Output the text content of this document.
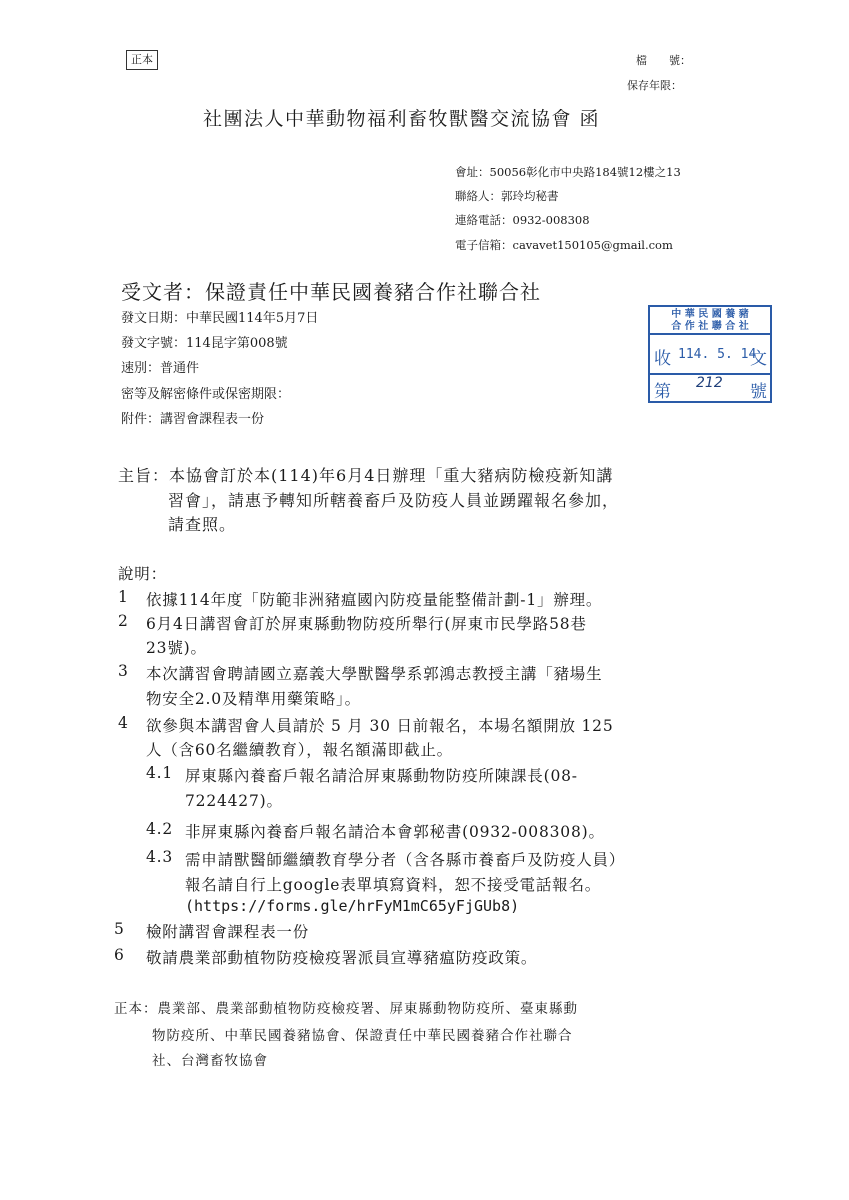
正本	檔　　號：
保存年限：
社團法人中華動物福利畜牧獸醫交流協會 函
會址：50056彰化市中央路184號12樓之13
聯絡人：郭玲均秘書
連絡電話：0932-008308
電子信箱：cavavet150105@gmail.com
受文者：保證責任中華民國養豬合作社聯合社
發文日期：中華民國114年5月7日
發文字號：114昆字第008號
速別：普通件
密等及解密條件或保密期限：
附件：講習會課程表一份
中 華 民 國 養 豬
合 作 社 聯 合 社
收 114. 5. 14
文
第 212 號
主旨：本協會訂於本(114)年6月4日辦理「重大豬病防檢疫新知講
習會」，請惠予轉知所轄養畜戶及防疫人員並踴躍報名參加，
請查照。
說明：
1 依據114年度「防範非洲豬瘟國內防疫量能整備計劃-1」辦理。
2 6月4日講習會訂於屏東縣動物防疫所舉行(屏東市民學路58巷
23號)。
3 本次講習會聘請國立嘉義大學獸醫學系郭鴻志教授主講「豬場生
物安全2.0及精準用藥策略」。
4 欲參與本講習會人員請於 5 月 30 日前報名，本場名額開放 125
人（含60名繼續教育），報名額滿即截止。
4.1 屏東縣內養畜戶報名請洽屏東縣動物防疫所陳課長(08-
7224427)。
4.2 非屏東縣內養畜戶報名請洽本會郭秘書(0932-008308)。
4.3 需申請獸醫師繼續教育學分者（含各縣市養畜戶及防疫人員）
報名請自行上google表單填寫資料，恕不接受電話報名。
(https://forms.gle/hrFyM1mC65yFjGUb8)
5 檢附講習會課程表一份
6 敬請農業部動植物防疫檢疫署派員宣導豬瘟防疫政策。
正本：農業部、農業部動植物防疫檢疫署、屏東縣動物防疫所、臺東縣動
物防疫所、中華民國養豬協會、保證責任中華民國養豬合作社聯合
社、台灣畜牧協會
